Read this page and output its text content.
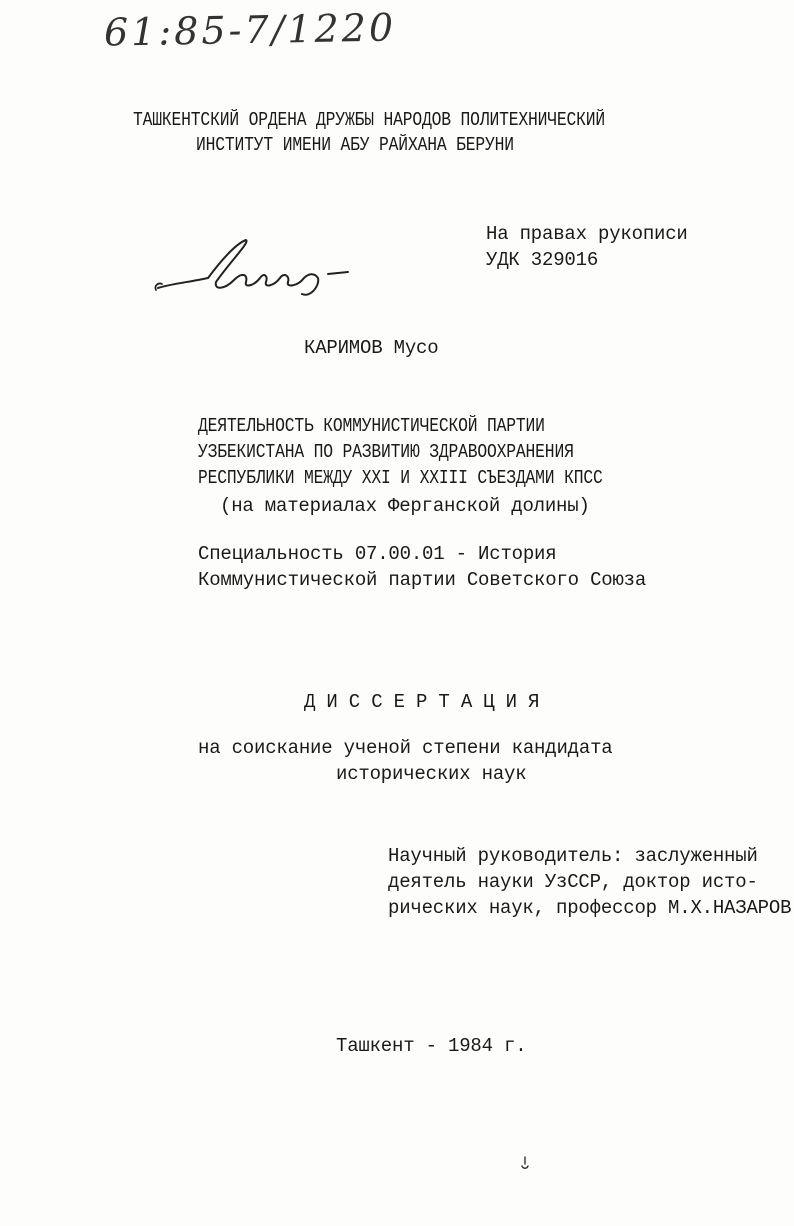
61:85-7/1220
ТАШКЕНТСКИЙ ОРДЕНА ДРУЖБЫ НАРОДОВ ПОЛИТЕХНИЧЕСКИЙ
ИНСТИТУТ ИМЕНИ АБУ РАЙХАНА БЕРУНИ
На правах рукописи
УДК 329016
КАРИМОВ Мусо
ДЕЯТЕЛЬНОСТЬ КОММУНИСТИЧЕСКОЙ ПАРТИИ
УЗБЕКИСТАНА ПО РАЗВИТИЮ ЗДРАВООХРАНЕНИЯ
РЕСПУБЛИКИ МЕЖДУ XXI И XXIII СЪЕЗДАМИ КПСС
(на материалах Ферганской долины)
Специальность 07.00.01 - История
Коммунистической партии Советского Союза
Д И С С Е Р Т А Ц И Я
на соискание ученой степени кандидата
исторических наук
Научный руководитель: заслуженный
деятель науки УзССР, доктор исто-
рических наук, профессор М.Х.НАЗАРОВ
Ташкент - 1984 г.
